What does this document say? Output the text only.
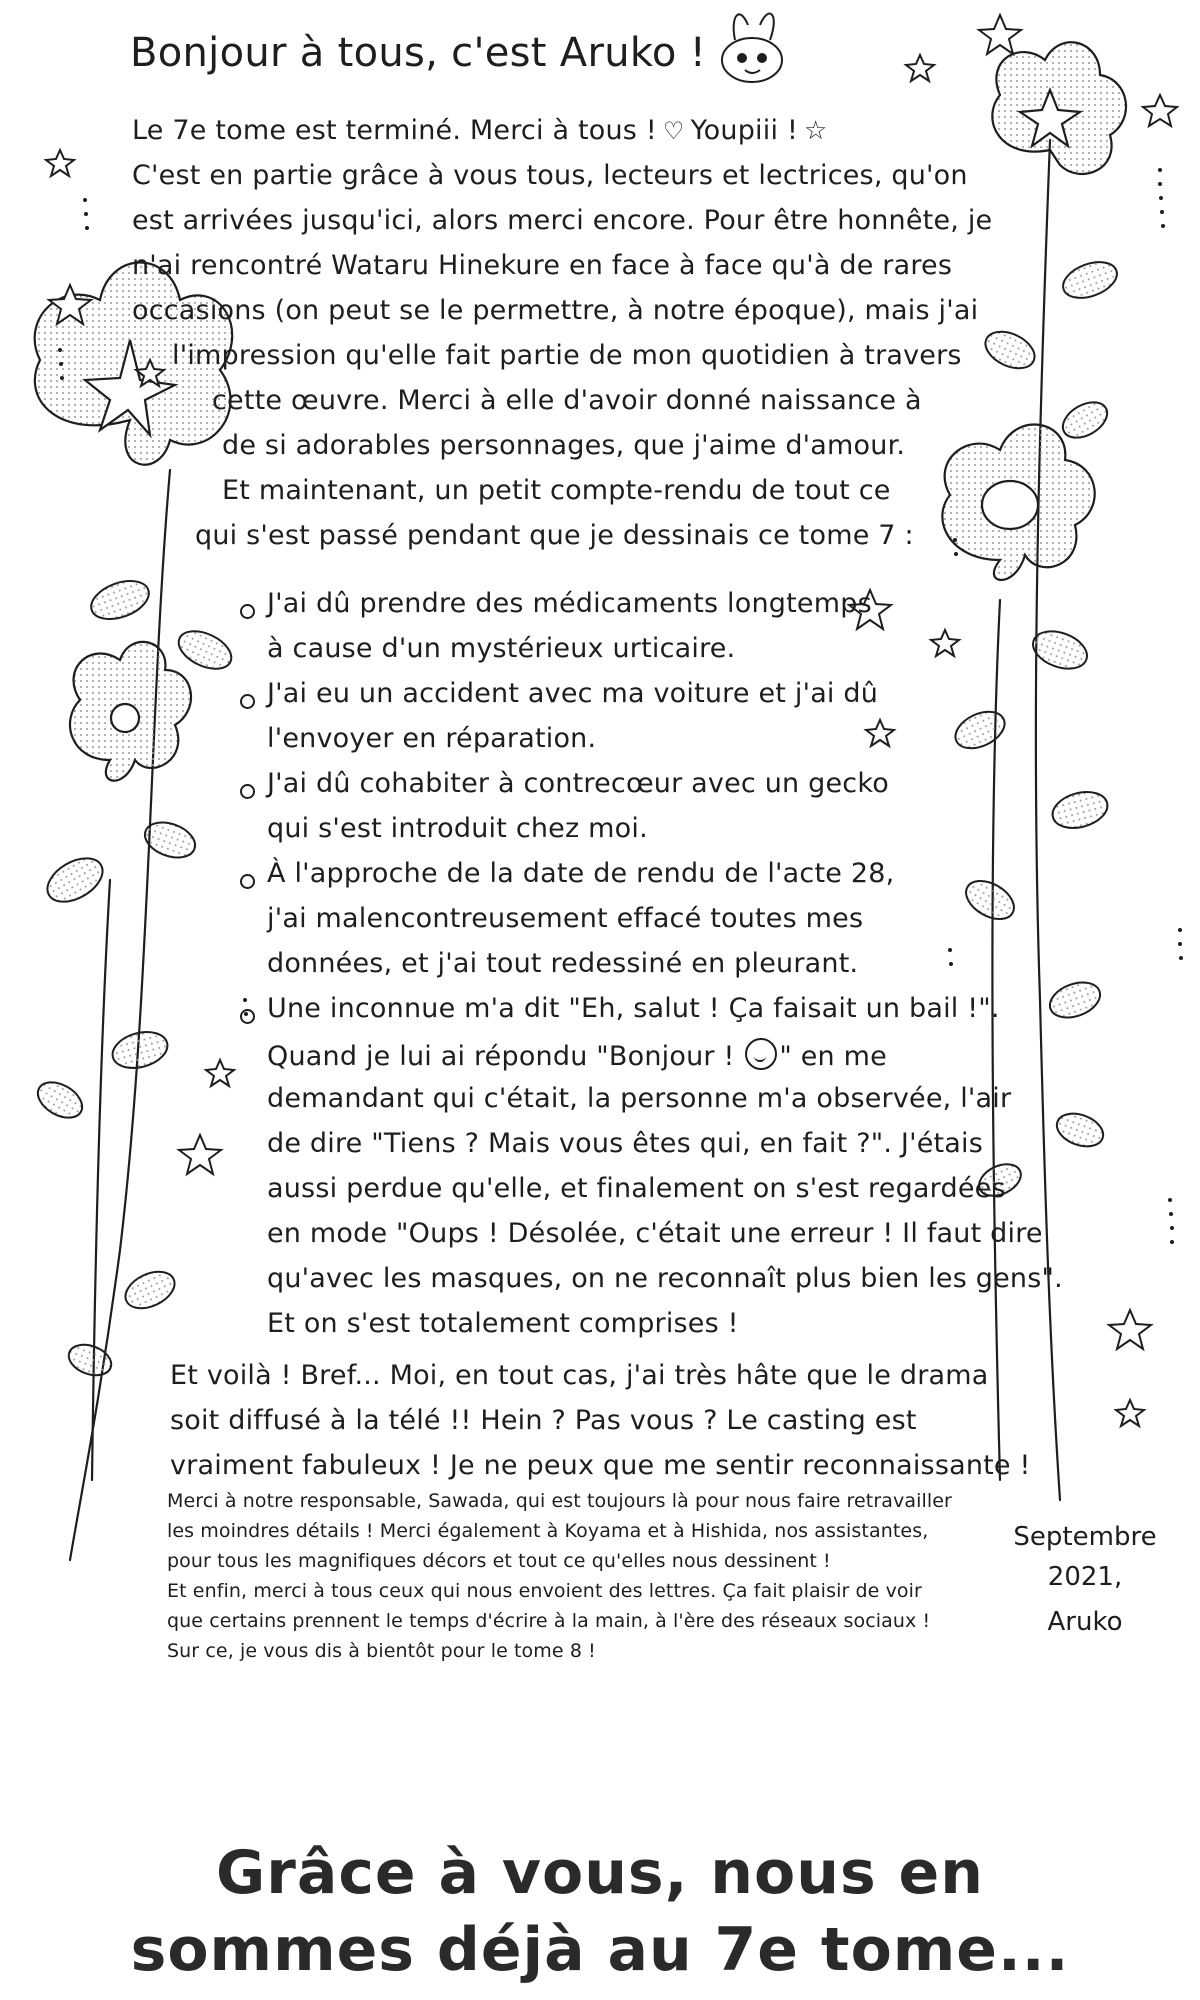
Bonjour à tous, c'est Aruko !
Le 7e tome est terminé. Merci à tous ! ♡ Youpiii ! ☆
C'est en partie grâce à vous tous, lecteurs et lectrices, qu'on
est arrivées jusqu'ici, alors merci encore. Pour être honnête, je
n'ai rencontré Wataru Hinekure en face à face qu'à de rares
occasions (on peut se le permettre, à notre époque), mais j'ai
l'impression qu'elle fait partie de mon quotidien à travers
cette œuvre. Merci à elle d'avoir donné naissance à
de si adorables personnages, que j'aime d'amour.
Et maintenant, un petit compte-rendu de tout ce
qui s'est passé pendant que je dessinais ce tome 7 :
J'ai dû prendre des médicaments longtemps
à cause d'un mystérieux urticaire.
J'ai eu un accident avec ma voiture et j'ai dû
l'envoyer en réparation.
J'ai dû cohabiter à contrecœur avec un gecko
qui s'est introduit chez moi.
À l'approche de la date de rendu de l'acte 28,
j'ai malencontreusement effacé toutes mes
données, et j'ai tout redessiné en pleurant.
Une inconnue m'a dit "Eh, salut ! Ça faisait un bail !".
Quand je lui ai répondu "Bonjour ! " en me
demandant qui c'était, la personne m'a observée, l'air
de dire "Tiens ? Mais vous êtes qui, en fait ?". J'étais
aussi perdue qu'elle, et finalement on s'est regardées
en mode "Oups ! Désolée, c'était une erreur ! Il faut dire
qu'avec les masques, on ne reconnaît plus bien les gens".
Et on s'est totalement comprises !
Et voilà ! Bref... Moi, en tout cas, j'ai très hâte que le drama
soit diffusé à la télé !! Hein ? Pas vous ? Le casting est
vraiment fabuleux ! Je ne peux que me sentir reconnaissante !
Merci à notre responsable, Sawada, qui est toujours là pour nous faire retravailler
les moindres détails ! Merci également à Koyama et à Hishida, nos assistantes,
pour tous les magnifiques décors et tout ce qu'elles nous dessinent !
Et enfin, merci à tous ceux qui nous envoient des lettres. Ça fait plaisir de voir
que certains prennent le temps d'écrire à la main, à l'ère des réseaux sociaux !
Sur ce, je vous dis à bientôt pour le tome 8 !
Septembre
2021,
Aruko
Grâce à vous, nous en
sommes déjà au 7e tome...
